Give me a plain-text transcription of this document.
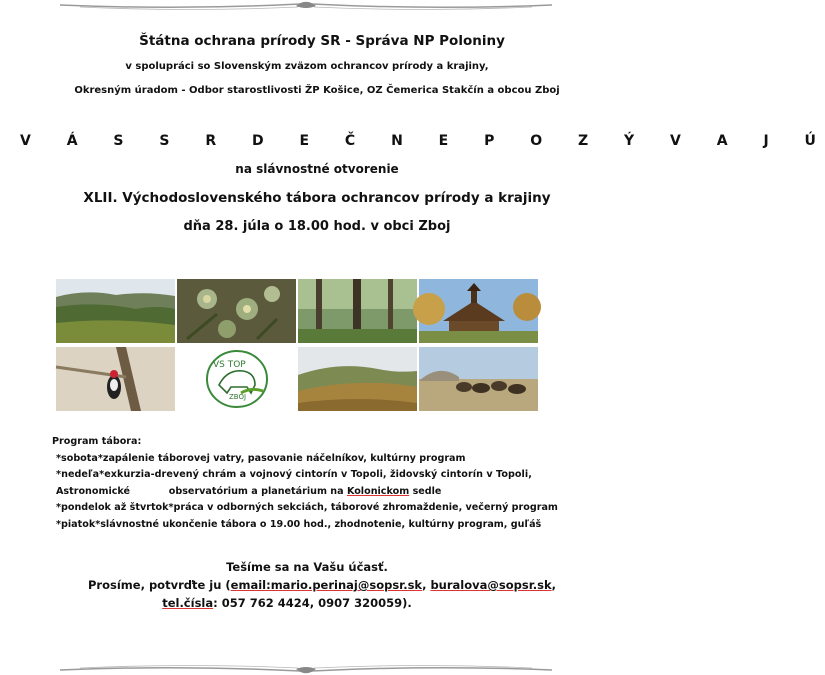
Štátna ochrana prírody SR - Správa NP Poloniny
v spolupráci so Slovenským zväzom ochrancov prírody a krajiny,
Okresným úradom - Odbor starostlivosti ŽP Košice, OZ Čemerica Stakčín a obcou Zboj
V Á S S R D E Č N E P O Z Ý V A J Ú
na slávnostné otvorenie
XLII. Východoslovenského tábora ochrancov prírody a krajiny
dňa 28. júla o 18.00 hod. v obci Zboj
VS TOP
ZBOJ
Program tábora:
*sobota*zapálenie táborovej vatry, pasovanie náčelníkov, kultúrny program
*nedeľa*exkurzia-drevený chrám a vojnový cintorín v Topoli, židovský cintorín v Topoli,
Astronomické	observatórium a planetárium na Kolonickom sedle
*pondelok až štvrtok*práca v odborných sekciách, táborové zhromaždenie, večerný program
*piatok*slávnostné ukončenie tábora o 19.00 hod., zhodnotenie, kultúrny program, guľáš
Tešíme sa na Vašu účasť.
Prosíme, potvrďte ju (email:mario.perinaj@sopsr.sk, buralova@sopsr.sk,
tel.čísla: 057 762 4424, 0907 320059).
